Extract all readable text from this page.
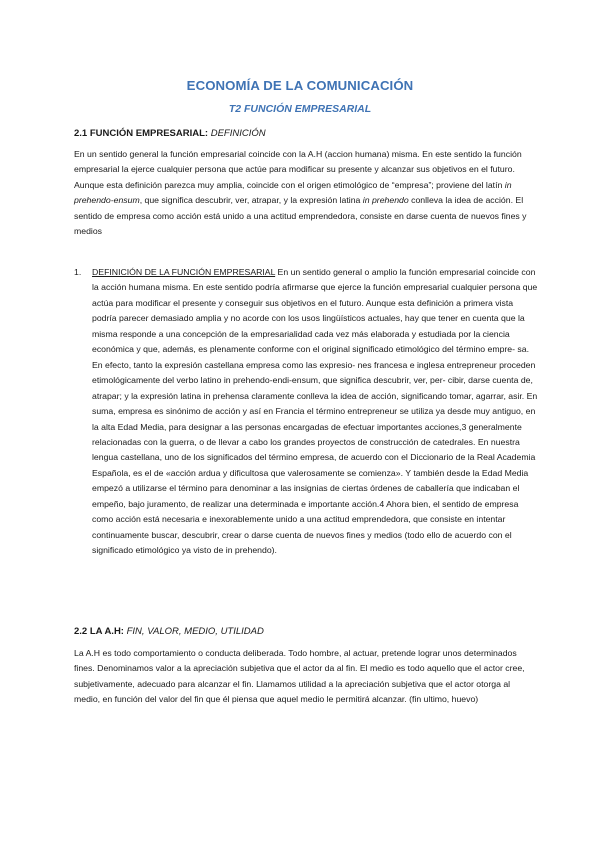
ECONOMÍA DE LA COMUNICACIÓN
T2 FUNCIÓN EMPRESARIAL
2.1 FUNCIÓN EMPRESARIAL: DEFINICIÓN

En un sentido general la función empresarial coincide con la A.H (accion humana) misma. En este sentido la función empresarial la ejerce cualquier persona que actúe para modificar su presente y alcanzar sus objetivos en el futuro. Aunque esta definición parezca muy amplia, coincide con el origen etimológico de “empresa”; proviene del latín in prehendo-ensum, que significa descubrir, ver, atrapar, y la expresión latina in prehendo conlleva la idea de acción. El sentido de empresa como acción está unido a una actitud emprendedora, consiste en darse cuenta de nuevos fines y medios

1.	DEFINICIÓN DE LA FUNCIÓN EMPRESARIAL En un sentido general o amplio la función empresarial coincide con la acción humana misma. En este sentido podría afirmarse que ejerce la función empresarial cualquier persona que actúa para modificar el presente y conseguir sus objetivos en el futuro. Aunque esta definición a primera vista podría parecer demasiado amplia y no acorde con los usos lingüísticos actuales, hay que tener en cuenta que la misma responde a una concepción de la empresarialidad cada vez más elaborada y estudiada por la ciencia económica y que, además, es plenamente conforme con el original significado etimológico del término empre- sa. En efecto, tanto la expresión castellana empresa como las expresio- nes francesa e inglesa entrepreneur proceden etimológicamente del verbo latino in prehendo-endi-ensum, que significa descubrir, ver, per- cibir, darse cuenta de, atrapar; y la expresión latina in prehensa claramente conlleva la idea de acción, significando tomar, agarrar, asir. En suma, empresa es sinónimo de acción y así en Francia el término entrepreneur se utiliza ya desde muy antiguo, en la alta Edad Media, para designar a las personas encargadas de efectuar importantes acciones,3 generalmente relacionadas con la guerra, o de llevar a cabo los grandes proyectos de construcción de catedrales. En nuestra lengua castellana, uno de los significados del término empresa, de acuerdo con el Diccionario de la Real Academia Española, es el de «acción ardua y dificultosa que valerosamente se comienza». Y también desde la Edad Media empezó a utilizarse el término para denominar a las insignias de ciertas órdenes de caballería que indicaban el empeño, bajo juramento, de realizar una determinada e importante acción.4 Ahora bien, el sentido de empresa como acción está necesaria e inexorablemente unido a una actitud emprendedora, que consiste en intentar continuamente buscar, descubrir, crear o darse cuenta de nuevos fines y medios (todo ello de acuerdo con el significado etimológico ya visto de in prehendo).

2.2 LA A.H: FIN, VALOR, MEDIO, UTILIDAD

La A.H es todo comportamiento o conducta deliberada. Todo hombre, al actuar, pretende lograr unos determinados fines. Denominamos valor a la apreciación subjetiva que el actor da al fin. El medio es todo aquello que el actor cree, subjetivamente, adecuado para alcanzar el fin. Llamamos utilidad a la apreciación subjetiva que el actor otorga al medio, en función del valor del fin que él piensa que aquel medio le permitirá alcanzar. (fin ultimo, huevo)
